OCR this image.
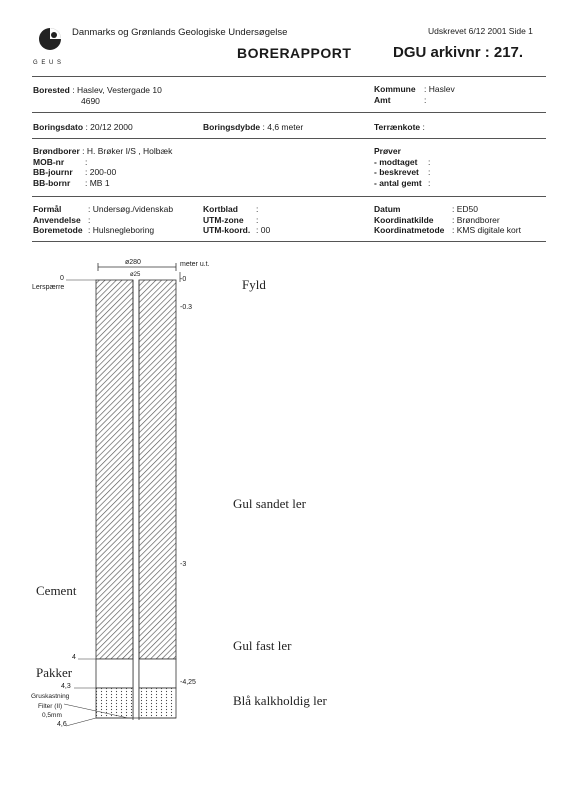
G E U S
Danmarks og Grønlands Geologiske Undersøgelse	Udskrevet 6/12 2001 Side 1
BORERAPPORT	DGU arkivnr : 217.
Borested : Haslev, Vestergade 10
4690
Kommune : Haslev
Amt	:
Boringsdato : 20/12 2000	Boringsdybde : 4,6 meter	Terrænkote :
Brøndborer : H. Brøker I/S , Holbæk
MOB-nr :
BB-journr : 200-00
BB-bornr : MB 1
Prøver
- modtaget :
- beskrevet :
- antal gemt :
Formål	: Undersøg./videnskab
Anvendelse :
Boremetode : Hulsnegleboring
Kortblad :
UTM-zone :
UTM-koord. : 00
Datum	: ED50
Koordinatkilde : Brøndborer
Koordinatmetode : KMS digitale kort
ø280
ø25
meter u.t.
-0
-0.3
-3
-4,25
0
Lerspærre
Cement
4
Pakker
4,3
Gruskastning
Filter (II)
0,5mm
4,6
Fyld
Gul sandet ler
Gul fast ler
Blå kalkholdig ler
